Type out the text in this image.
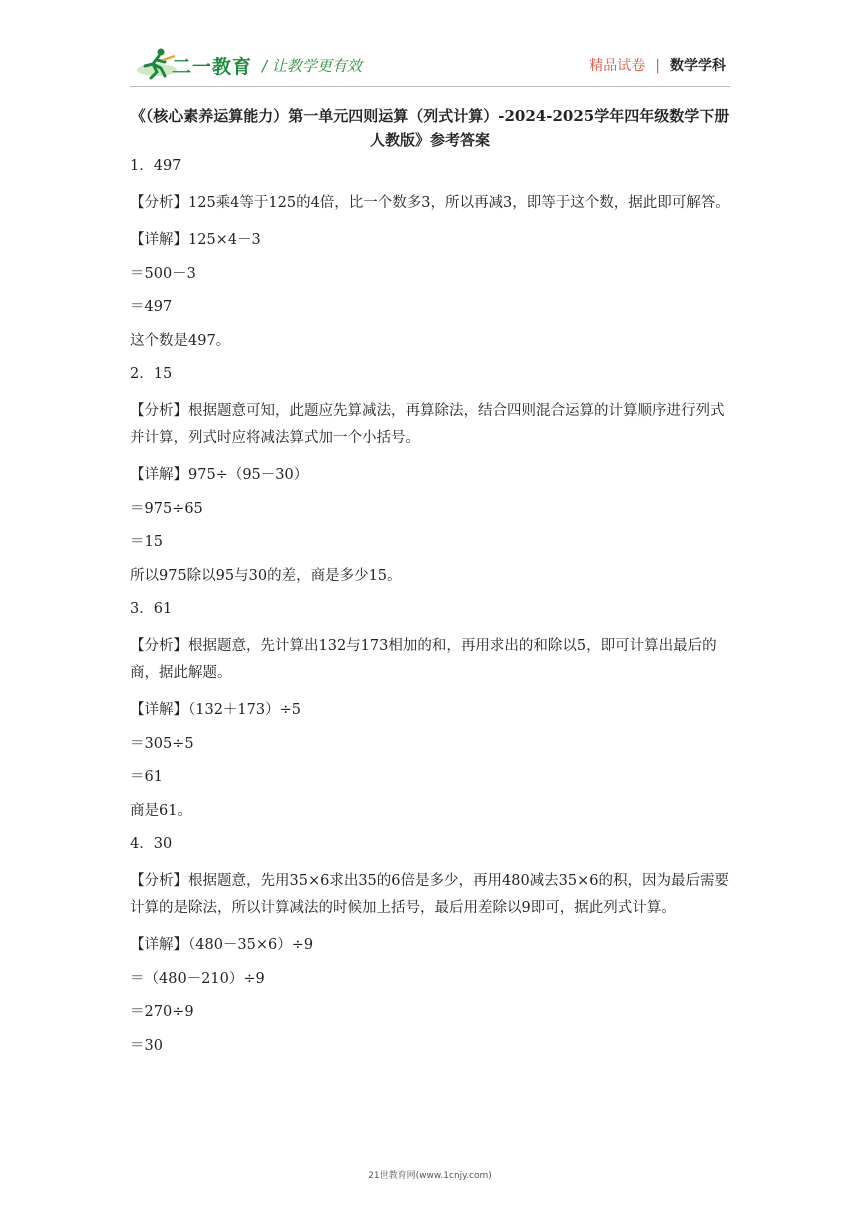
二一教育 / 让教学更有效	精品试卷 | 数学学科
《（核心素养运算能力）第一单元四则运算（列式计算）-2024-2025学年四年级数学下册
人教版》参考答案

1．497

【分析】125乘4等于125的4倍，比一个数多3，所以再减3，即等于这个数，据此即可解答。

【详解】125×4－3

＝500－3

＝497

这个数是497。

2．15

【分析】根据题意可知，此题应先算减法，再算除法，结合四则混合运算的计算顺序进行列式并计算，列式时应将减法算式加一个小括号。

【详解】975÷（95－30）

＝975÷65

＝15

所以975除以95与30的差，商是多少15。

3．61

【分析】根据题意，先计算出132与173相加的和，再用求出的和除以5，即可计算出最后的商，据此解题。

【详解】（132＋173）÷5

＝305÷5

＝61

商是61。

4．30

【分析】根据题意，先用35×6求出35的6倍是多少，再用480减去35×6的积，因为最后需要计算的是除法，所以计算减法的时候加上括号，最后用差除以9即可，据此列式计算。

【详解】（480－35×6）÷9

＝（480－210）÷9

＝270÷9

＝30

21世教育网(www.1cnjy.com)
